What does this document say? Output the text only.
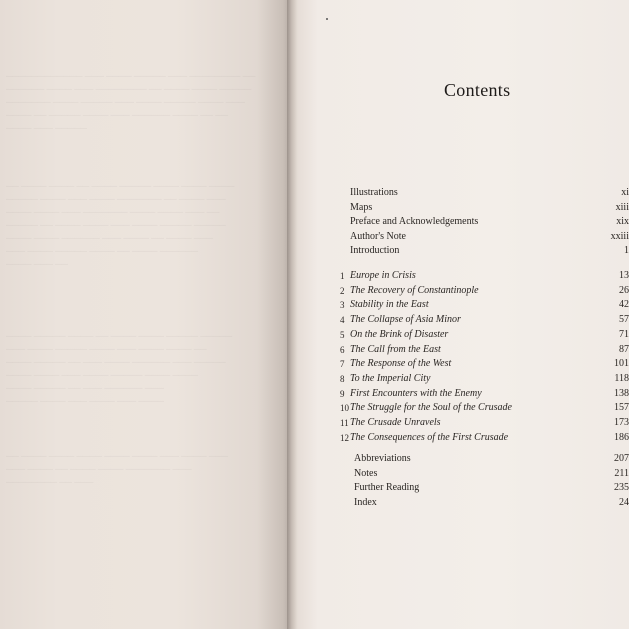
──────────── ─── ──── ───── ─── ──────── ──
────── ──── ─── ──────── ── ──── ──── ─────
─────── ──── ───── ─── ──── ───── ──── ───
──── ── ───── ──── ─── ────── ──── ── ──
──── ─── ─────
── ──── ──── ── ──── ───── ──── ──── ────
───── ──── ─── ──── ─────── ── ──── ───
──── ──── ─── ─────── ──── ──── ─── ──
───── ── ──── ──── ─── ──── ───── ─────
──── ──── ────── ─── ──── ── ──── ───
─── ──── ───── ──── ── ──── ──────
──── ─── ──
──── ───── ──── ── ──── ──── ───── ─────
─── ──── ───── ──── ─── ──── ──── ──
──── ───── ── ─── ──── ────── ─── ─────
──── ──── ─── ──── ───── ──── ────
──── ───── ── ─── ────── ───
───── ──── ─── ──── ─── ────
── ──── ──── ──── ──── ──── ─── ──── ───
─── ──── ── ──── ──── ─────── ───
──────── ── ───
Contents
Illustrations	xi
Maps	xiii
Preface and Acknowledgements	xix
Author's Note	xxiii
Introduction	1
1 Europe in Crisis	13
2 The Recovery of Constantinople	26
3 Stability in the East	42
4 The Collapse of Asia Minor	57
5 On the Brink of Disaster	71
6 The Call from the East	87
7 The Response of the West	101
8 To the Imperial City	118
9 First Encounters with the Enemy	138
10 The Struggle for the Soul of the Crusade	157
11 The Crusade Unravels	173
12 The Consequences of the First Crusade	186
Abbreviations	207
Notes	211
Further Reading	235
Index	24
